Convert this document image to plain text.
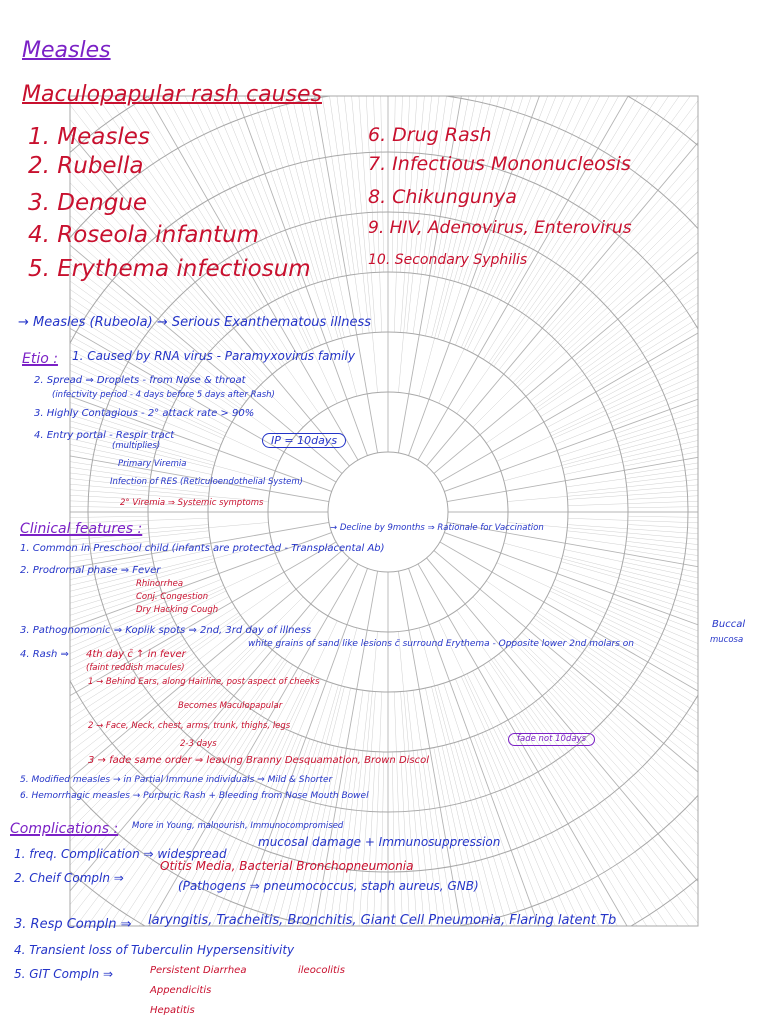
Measles
Maculopapular rash causes
1. Measles
2. Rubella
3. Dengue
4. Roseola infantum
5. Erythema infectiosum
6. Drug Rash
7. Infectious Mononucleosis
8. Chikungunya
9. HIV, Adenovirus, Enterovirus
10. Secondary Syphilis
→ Measles (Rubeola) → Serious Exanthematous illness
Etio : 1. Caused by RNA virus - Paramyxovirus family
2. Spread ⇒ Droplets - from Nose & throat
(infectivity period - 4 days before 5 days after Rash)
3. Highly Contagious - 2° attack rate > 90%
4. Entry portal - Respir tract
(multiplies)	IP = 10days
Primary Viremia
Infection of RES (Reticuloendothelial System)
2° Viremia ⇒ Systemic symptoms
Clinical features :	→ Decline by 9months ⇒ Rationale for Vaccination
1. Common in Preschool child (infants are protected - Transplacental Ab)
2. Prodromal phase ⇒ Fever
Rhinorrhea
Conj. Congestion
Dry Hacking Cough
3. Pathognomonic ⇒ Koplik spots ⇒ 2nd, 3rd day of illness
Buccal
white grains of sand like lesions c̄ surround Erythema - Opposite lower 2nd molars on	mucosa
4. Rash ⇒ 4th day c̄ ↑ in fever
(faint reddish macules)
1 → Behind Ears, along Hairline, post aspect of cheeks
Becomes Maculopapular
2 → Face, Neck, chest, arms, trunk, thighs, legs
2-3 days
3 → fade same order ⇒ leaving Branny Desquamation, Brown Discol
fade not 10days
5. Modified measles → in Partial Immune individuals ⇒ Mild & Shorter
6. Hemorrhagic measles → Purpuric Rash + Bleeding from Nose Mouth Bowel
Complications : More in Young, malnourish, Immunocompromised
1. freq. Complication ⇒ widespread
mucosal damage + Immunosuppression
2. Cheif Compln ⇒
Otitis Media, Bacterial Bronchopneumonia
(Pathogens ⇒ pneumococcus, staph aureus, GNB)
3. Resp Compln ⇒ laryngitis, Tracheitis, Bronchitis, Giant Cell Pneumonia, Flaring latent Tb
4. Transient loss of Tuberculin Hypersensitivity
5. GIT Compln ⇒	Persistent Diarrhea
Appendicitis
Hepatitis
ileocolitis
